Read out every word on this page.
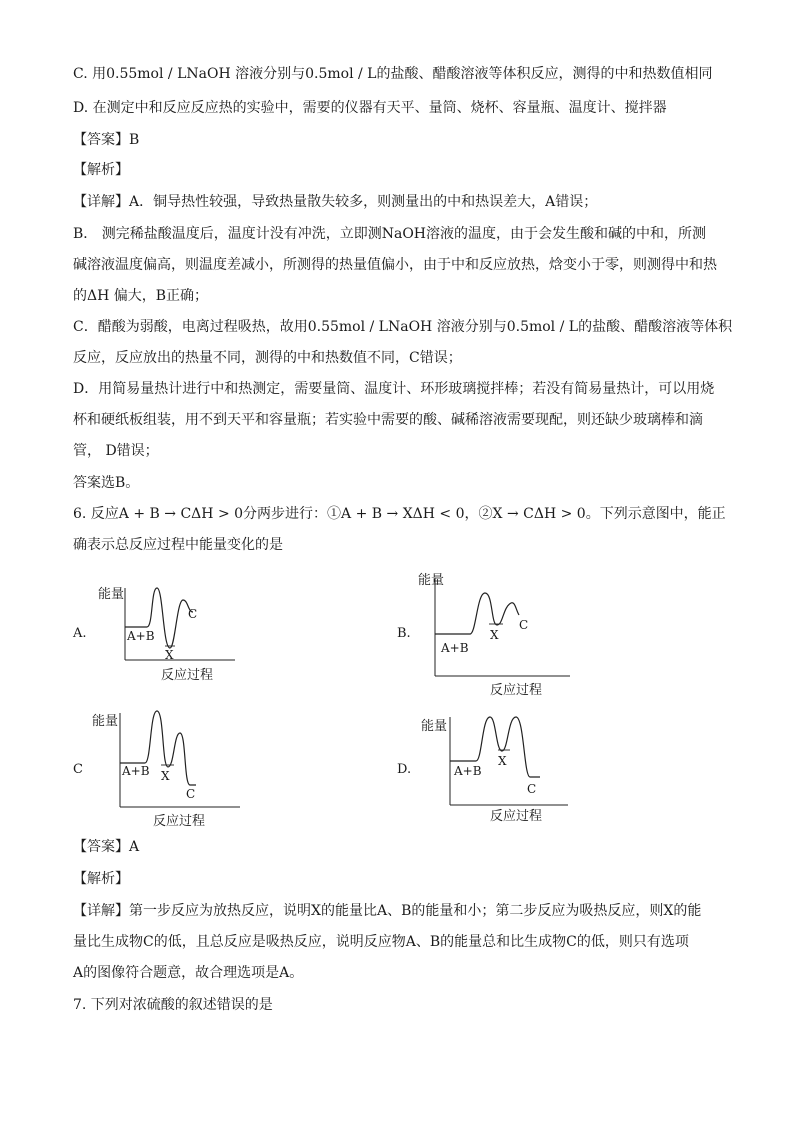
C. 用0.55mol / LNaOH 溶液分别与0.5mol / L的盐酸、醋酸溶液等体积反应，测得的中和热数值相同
D. 在测定中和反应反应热的实验中，需要的仪器有天平、量筒、烧杯、容量瓶、温度计、搅拌器
【答案】B
【解析】
【详解】A．铜导热性较强，导致热量散失较多，则测量出的中和热误差大，A错误；
B． 测完稀盐酸温度后，温度计没有冲洗，立即测NaOH溶液的温度，由于会发生酸和碱的中和，所测
碱溶液温度偏高，则温度差减小，所测得的热量值偏小，由于中和反应放热，焓变小于零，则测得中和热
的ΔH 偏大，B正确；
C．醋酸为弱酸，电离过程吸热，故用0.55mol / LNaOH 溶液分别与0.5mol / L的盐酸、醋酸溶液等体积
反应，反应放出的热量不同，测得的中和热数值不同，C错误；
D．用简易量热计进行中和热测定，需要量筒、温度计、环形玻璃搅拌棒；若没有简易量热计，可以用烧
杯和硬纸板组装，用不到天平和容量瓶；若实验中需要的酸、碱稀溶液需要现配，则还缺少玻璃棒和滴
管， D错误；
答案选B。
6. 反应A + B → CΔH > 0分两步进行：①A + B → XΔH < 0，②X → CΔH > 0。下列示意图中，能正
确表示总反应过程中能量变化的是
A.
能量
A+B
X
C
反应过程
B.
能量
A+B
X
C
反应过程
C
能量
A+B X
C
反应过程
D.
能量
A+B
X
C
反应过程
【答案】A
【解析】
【详解】第一步反应为放热反应，说明X的能量比A、B的能量和小；第二步反应为吸热反应，则X的能
量比生成物C的低，且总反应是吸热反应，说明反应物A、B的能量总和比生成物C的低，则只有选项
A的图像符合题意，故合理选项是A。
7. 下列对浓硫酸的叙述错误的是
